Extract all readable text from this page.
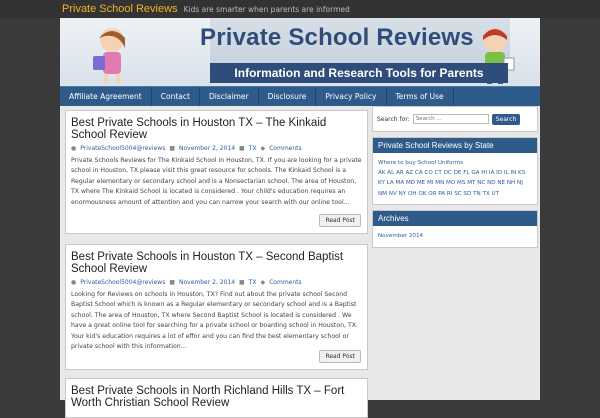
Private School Reviews Kids are smarter when parents are informed
Private School Reviews
Information and Research Tools for Parents
Affiliate Agreement	Contact	Disclaimer	Disclosure	Privacy Policy	Terms of Use
Best Private Schools in Houston TX – The Kinkaid School Review
● PrivateSchool5004@reviews ■ November 2, 2014 ■ TX ◆ Comments
Private Schools Reviews for The Kinkaid School in Houston, TX. If you are looking for a private school in Houston, TX please visit this great resource for schools. The Kinkaid School is a Regular elementary or secondary school and is a Nonsectarian school. The area of Houston, TX where The Kinkaid School is located is considered . Your child's education requires an enormousness amount of attention and you can narrow your search with our online tool…
Read Post
Best Private Schools in Houston TX – Second Baptist School Review
● PrivateSchool5004@reviews ■ November 2, 2014 ■ TX ◆ Comments
Looking for Reviews on schools in Houston, TX? Find out about the private school Second Baptist School which is known as a Regular elementary or secondary school and is a Baptist school. The area of Houston, TX where Second Baptist School is located is considered . We have a great online tool for searching for a private school or boarding school in Houston, TX. Your kid's education requires a lot of effor and you can find the best elementary school or private school with this information…
Read Post
Best Private Schools in North Richland Hills TX – Fort Worth Christian School Review
Search for:
Search …	Search
Private School Reviews by State
Where to buy School Uniforms
AK AL AR AZ CA CO CT DC DE FL GA HI IA ID IL IN KS KY LA MA MD ME MI MN MO MS MT NC ND NE NH NJ NM NV NY OH OK OR PA RI SC SD TN TX UT
Archives
November 2014
